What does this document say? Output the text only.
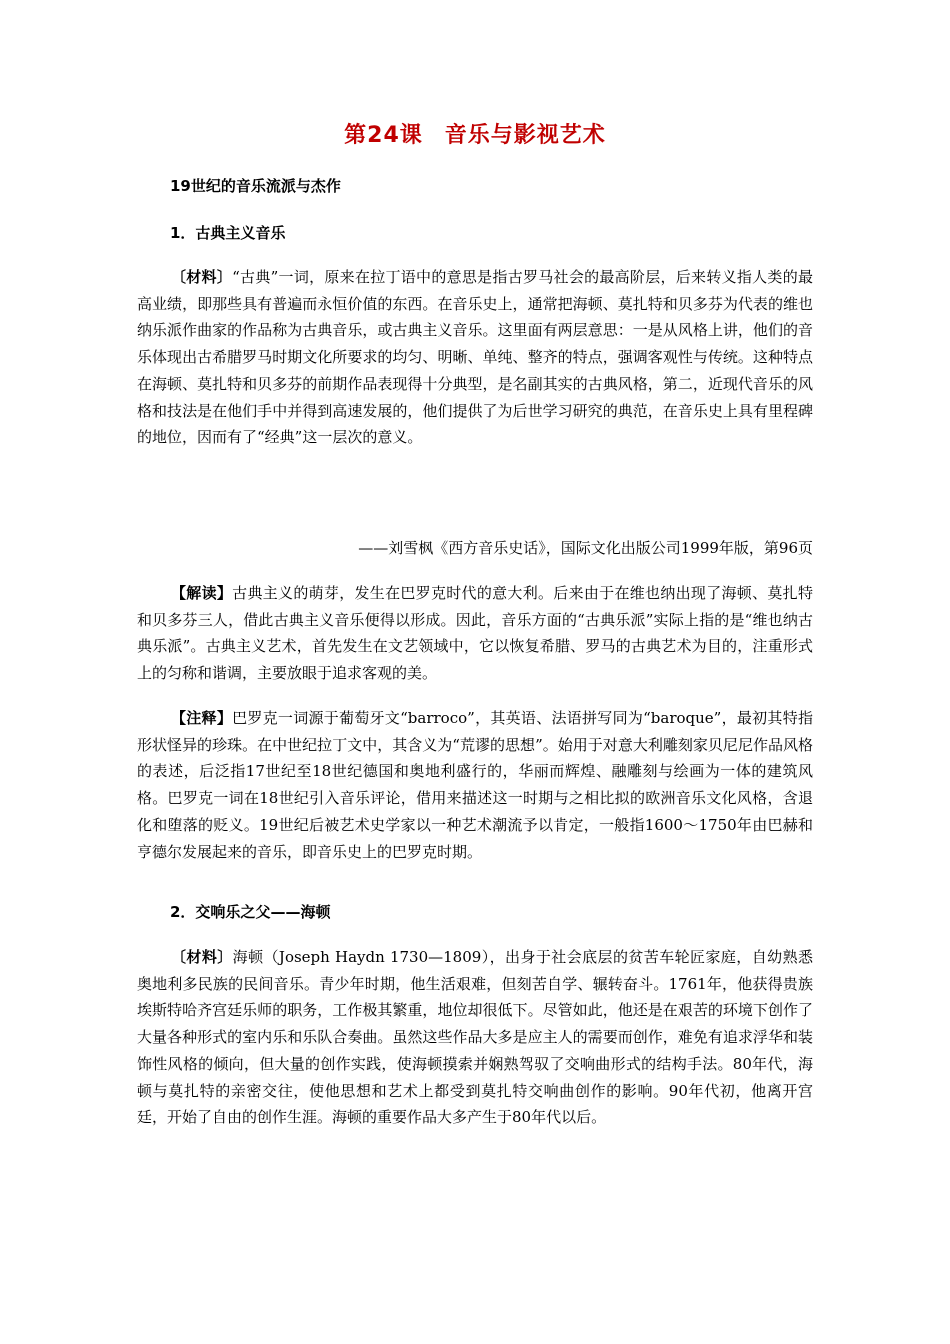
第24课 音乐与影视艺术
19世纪的音乐流派与杰作
1．古典主义音乐

〔材料〕“古典”一词，原来在拉丁语中的意思是指古罗马社会的最高阶层，后来转义指人类的最高业绩，即那些具有普遍而永恒价值的东西。在音乐史上，通常把海顿、莫扎特和贝多芬为代表的维也纳乐派作曲家的作品称为古典音乐，或古典主义音乐。这里面有两层意思：一是从风格上讲，他们的音乐体现出古希腊罗马时期文化所要求的均匀、明晰、单纯、整齐的特点，强调客观性与传统。这种特点在海顿、莫扎特和贝多芬的前期作品表现得十分典型，是名副其实的古典风格，第二，近现代音乐的风格和技法是在他们手中并得到高速发展的，他们提供了为后世学习研究的典范，在音乐史上具有里程碑的地位，因而有了“经典”这一层次的意义。

——刘雪枫《西方音乐史话》，国际文化出版公司1999年版，第96页

【解读】古典主义的萌芽，发生在巴罗克时代的意大利。后来由于在维也纳出现了海顿、莫扎特和贝多芬三人，借此古典主义音乐便得以形成。因此，音乐方面的“古典乐派”实际上指的是“维也纳古典乐派”。古典主义艺术，首先发生在文艺领域中，它以恢复希腊、罗马的古典艺术为目的，注重形式上的匀称和谐调，主要放眼于追求客观的美。

【注释】巴罗克一词源于葡萄牙文“barroco”，其英语、法语拼写同为“baroque”，最初其特指形状怪异的珍珠。在中世纪拉丁文中，其含义为“荒谬的思想”。始用于对意大利雕刻家贝尼尼作品风格的表述，后泛指17世纪至18世纪德国和奥地利盛行的，华丽而辉煌、融雕刻与绘画为一体的建筑风格。巴罗克一词在18世纪引入音乐评论，借用来描述这一时期与之相比拟的欧洲音乐文化风格，含退化和堕落的贬义。19世纪后被艺术史学家以一种艺术潮流予以肯定，一般指1600～1750年由巴赫和亨德尔发展起来的音乐，即音乐史上的巴罗克时期。

2．交响乐之父——海顿

〔材料〕海顿（Joseph Haydn 1730—1809），出身于社会底层的贫苦车轮匠家庭，自幼熟悉奥地利多民族的民间音乐。青少年时期，他生活艰难，但刻苦自学、辗转奋斗。1761年，他获得贵族埃斯特哈齐宫廷乐师的职务，工作极其繁重，地位却很低下。尽管如此，他还是在艰苦的环境下创作了大量各种形式的室内乐和乐队合奏曲。虽然这些作品大多是应主人的需要而创作，难免有追求浮华和装饰性风格的倾向，但大量的创作实践，使海顿摸索并娴熟驾驭了交响曲形式的结构手法。80年代，海顿与莫扎特的亲密交往，使他思想和艺术上都受到莫扎特交响曲创作的影响。90年代初，他离开宫廷，开始了自由的创作生涯。海顿的重要作品大多产生于80年代以后。
